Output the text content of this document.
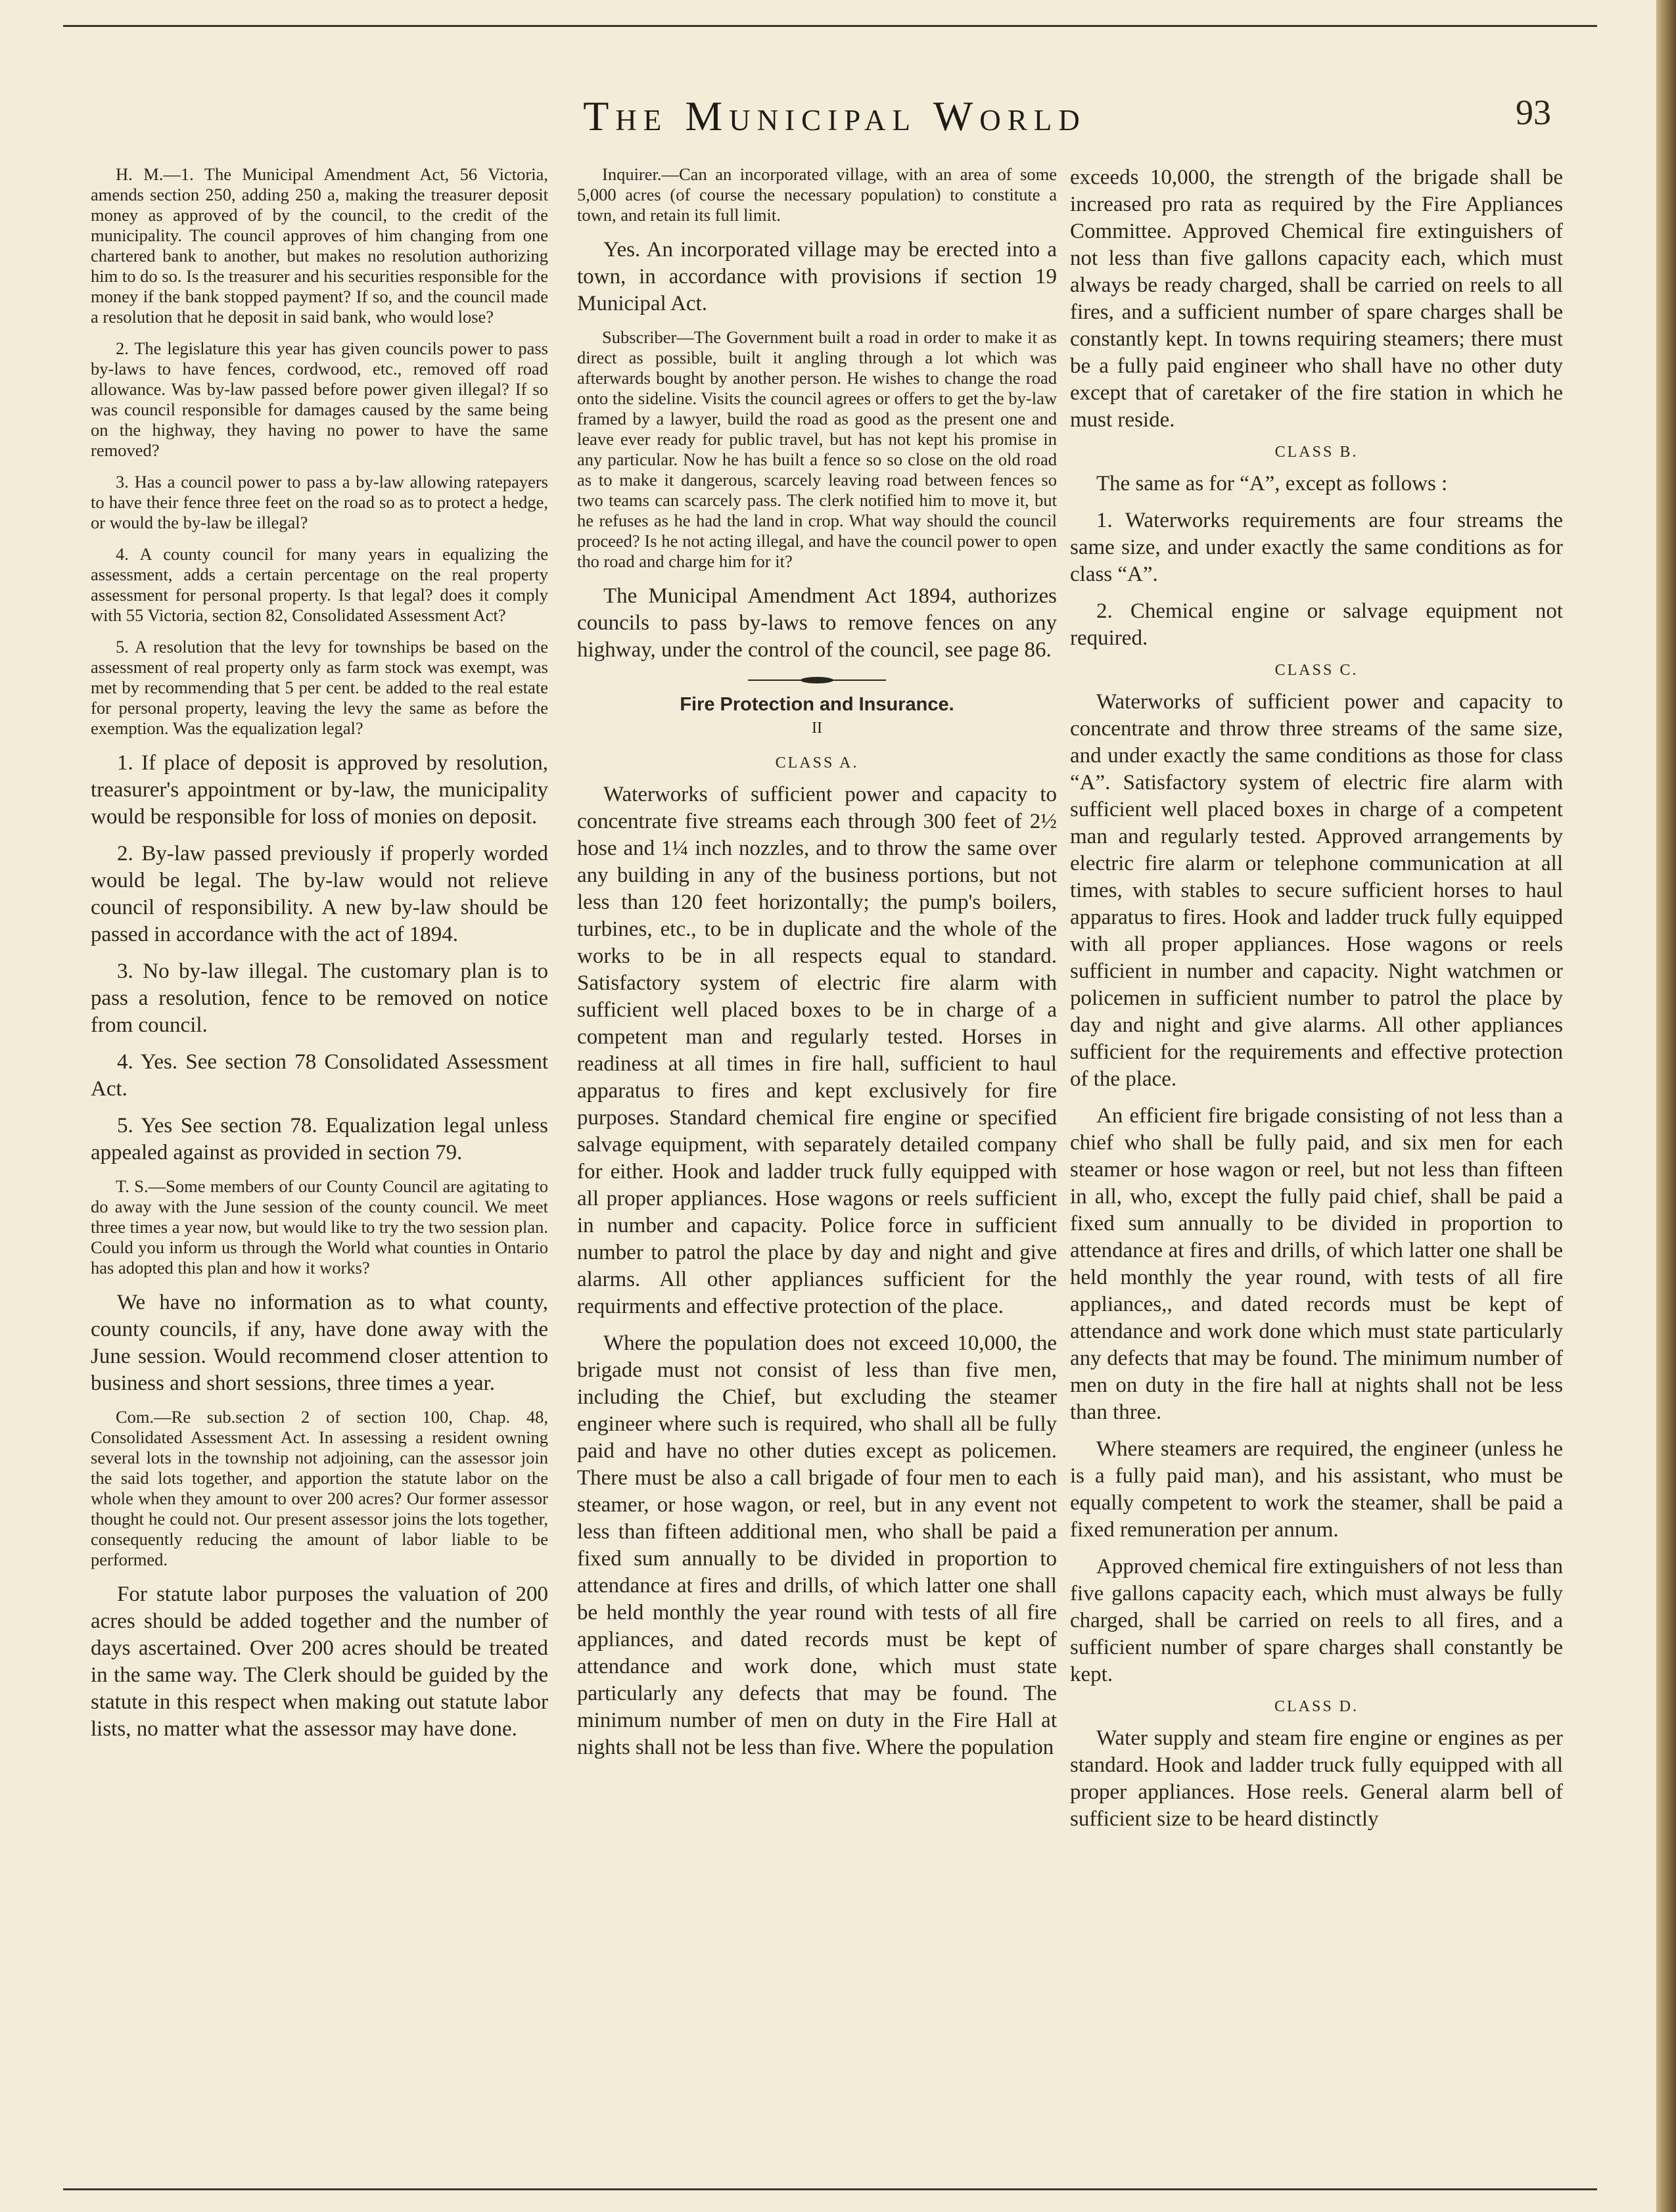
The Municipal World	93

H. M.—1. The Municipal Amendment Act, 56 Victoria, amends section 250, adding 250 a, making the treasurer deposit money as approved of by the council, to the credit of the municipality. The council approves of him changing from one chartered bank to another, but makes no resolution authorizing him to do so. Is the treasurer and his securities responsible for the money if the bank stopped payment? If so, and the council made a resolution that he deposit in said bank, who would lose?

2. The legislature this year has given councils power to pass by-laws to have fences, cordwood, etc., removed off road allowance. Was by-law passed before power given illegal? If so was council responsible for damages caused by the same being on the highway, they having no power to have the same removed?

3. Has a council power to pass a by-law allowing ratepayers to have their fence three feet on the road so as to protect a hedge, or would the by-law be illegal?

4. A county council for many years in equalizing the assessment, adds a certain percentage on the real property assessment for personal property. Is that legal? does it comply with 55 Victoria, section 82, Consolidated Assessment Act?

5. A resolution that the levy for townships be based on the assessment of real property only as farm stock was exempt, was met by recommending that 5 per cent. be added to the real estate for personal property, leaving the levy the same as before the exemption. Was the equalization legal?

1. If place of deposit is approved by resolution, treasurer's appointment or by-law, the municipality would be responsible for loss of monies on deposit.

2. By-law passed previously if properly worded would be legal. The by-law would not relieve council of responsibility. A new by-law should be passed in accordance with the act of 1894.

3. No by-law illegal. The customary plan is to pass a resolution, fence to be removed on notice from council.

4. Yes. See section 78 Consolidated Assessment Act.

5. Yes See section 78. Equalization legal unless appealed against as provided in section 79.

T. S.—Some members of our County Council are agitating to do away with the June session of the county council. We meet three times a year now, but would like to try the two session plan. Could you inform us through the World what counties in Ontario has adopted this plan and how it works?

We have no information as to what county, county councils, if any, have done away with the June session. Would recommend closer attention to business and short sessions, three times a year.

Com.—Re sub.section 2 of section 100, Chap. 48, Consolidated Assessment Act. In assessing a resident owning several lots in the township not adjoining, can the assessor join the said lots together, and apportion the statute labor on the whole when they amount to over 200 acres? Our former assessor thought he could not. Our present assessor joins the lots together, consequently reducing the amount of labor liable to be performed.

For statute labor purposes the valuation of 200 acres should be added together and the number of days ascertained. Over 200 acres should be treated in the same way. The Clerk should be guided by the statute in this respect when making out statute labor lists, no matter what the assessor may have done.

Inquirer.—Can an incorporated village, with an area of some 5,000 acres (of course the necessary population) to constitute a town, and retain its full limit.

Yes. An incorporated village may be erected into a town, in accordance with provisions if section 19 Municipal Act.

Subscriber—The Government built a road in order to make it as direct as possible, built it angling through a lot which was afterwards bought by another person. He wishes to change the road onto the sideline. Visits the council agrees or offers to get the by-law framed by a lawyer, build the road as good as the present one and leave ever ready for public travel, but has not kept his promise in any particular. Now he has built a fence so so close on the old road as to make it dangerous, scarcely leaving road between fences so two teams can scarcely pass. The clerk notified him to move it, but he refuses as he had the land in crop. What way should the council proceed? Is he not acting illegal, and have the council power to open tho road and charge him for it?

The Municipal Amendment Act 1894, authorizes councils to pass by-laws to remove fences on any highway, under the control of the council, see page 86.

Fire Protection and Insurance.
II
CLASS A.

Waterworks of sufficient power and capacity to concentrate five streams each through 300 feet of 2½ hose and 1¼ inch nozzles, and to throw the same over any building in any of the business portions, but not less than 120 feet horizontally; the pump's boilers, turbines, etc., to be in duplicate and the whole of the works to be in all respects equal to standard. Satisfactory system of electric fire alarm with sufficient well placed boxes to be in charge of a competent man and regularly tested. Horses in readiness at all times in fire hall, sufficient to haul apparatus to fires and kept exclusively for fire purposes. Standard chemical fire engine or specified salvage equipment, with separately detailed company for either. Hook and ladder truck fully equipped with all proper appliances. Hose wagons or reels sufficient in number and capacity. Police force in sufficient number to patrol the place by day and night and give alarms. All other appliances sufficient for the requirments and effective protection of the place.

Where the population does not exceed 10,000, the brigade must not consist of less than five men, including the Chief, but excluding the steamer engineer where such is required, who shall all be fully paid and have no other duties except as policemen. There must be also a call brigade of four men to each steamer, or hose wagon, or reel, but in any event not less than fifteen additional men, who shall be paid a fixed sum annually to be divided in proportion to attendance at fires and drills, of which latter one shall be held monthly the year round with tests of all fire appliances, and dated records must be kept of attendance and work done, which must state particularly any defects that may be found. The minimum number of men on duty in the Fire Hall at nights shall not be less than five. Where the population

exceeds 10,000, the strength of the brigade shall be increased pro rata as required by the Fire Appliances Committee. Approved Chemical fire extinguishers of not less than five gallons capacity each, which must always be ready charged, shall be carried on reels to all fires, and a sufficient number of spare charges shall be constantly kept. In towns requiring steamers; there must be a fully paid engineer who shall have no other duty except that of caretaker of the fire station in which he must reside.

CLASS B.

The same as for “A”, except as follows :

1. Waterworks requirements are four streams the same size, and under exactly the same conditions as for class “A”.

2. Chemical engine or salvage equipment not required.

CLASS C.

Waterworks of sufficient power and capacity to concentrate and throw three streams of the same size, and under exactly the same conditions as those for class “A”. Satisfactory system of electric fire alarm with sufficient well placed boxes in charge of a competent man and regularly tested. Approved arrangements by electric fire alarm or telephone communication at all times, with stables to secure sufficient horses to haul apparatus to fires. Hook and ladder truck fully equipped with all proper appliances. Hose wagons or reels sufficient in number and capacity. Night watchmen or policemen in sufficient number to patrol the place by day and night and give alarms. All other appliances sufficient for the requirements and effective protection of the place.

An efficient fire brigade consisting of not less than a chief who shall be fully paid, and six men for each steamer or hose wagon or reel, but not less than fifteen in all, who, except the fully paid chief, shall be paid a fixed sum annually to be divided in proportion to attendance at fires and drills, of which latter one shall be held monthly the year round, with tests of all fire appliances,, and dated records must be kept of attendance and work done which must state particularly any defects that may be found. The minimum number of men on duty in the fire hall at nights shall not be less than three.

Where steamers are required, the engineer (unless he is a fully paid man), and his assistant, who must be equally competent to work the steamer, shall be paid a fixed remuneration per annum.

Approved chemical fire extinguishers of not less than five gallons capacity each, which must always be fully charged, shall be carried on reels to all fires, and a sufficient number of spare charges shall constantly be kept.

CLASS D.

Water supply and steam fire engine or engines as per standard. Hook and ladder truck fully equipped with all proper appliances. Hose reels. General alarm bell of sufficient size to be heard distinctly
